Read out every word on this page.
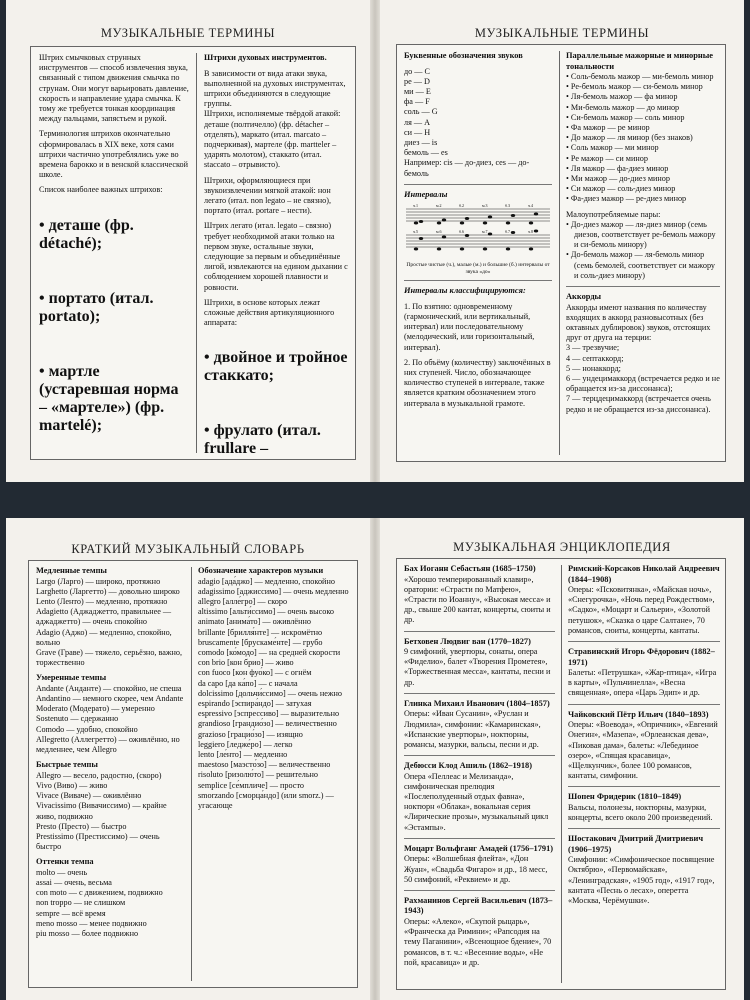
МУЗЫКАЛЬНЫЕ ТЕРМИНЫ

Штрих смычковых струнных инструментов — способ извлечения звука, связанный с типом движения смычка по струнам. Они могут варьировать давление, скорость и направление удара смычка. К тому же требуется тонкая координация между пальцами, запястьем и рукой.

Терминология штрихов окончательно сформировалась в XIX веке, хотя сами штрихи частично употреблялись уже во времена барокко и в венской классической школе.

Список наиболее важных штрихов:

• деташе (фр. détaché);

• портато (итал. portato);

• мартле (устаревшая норма – «мартеле») (фр. martelé);

Штрихи духовых инструментов.

В зависимости от вида атаки звука, выполненной на духовых инструментах, штрихи объединяются в следующие группы.

Штрихи, исполняемые твёрдой атакой: деташе (полтичелло) (фр. détacher – отделять), маркато (итал. marcato – подчеркивая), мартеле (фр. martteler – ударять молотом), стаккато (итал. staccato – отрывисто).

Штрихи, оформляющиеся при звукоизвлечении мягкой атакой: нон легато (итал. non legato – не связно), портато (итал. portare – нести).

Штрих легато (итал. legato – связно) требует необходимой атаки только на первом звуке, остальные звуки, следующие за первым и объединённые лигой, извлекаются на едином дыхании с соблюдением хорошей плавности и ровности.

Штрихи, в основе которых лежат сложные действия артикуляционного аппарата:

• двойное и тройное стаккато;

• фрулато (итал. frullare –

МУЗЫКАЛЬНЫЕ ТЕРМИНЫ

Буквенные обозначения звуков

до — C

ре — D

ми — E

фа — F

соль — G

ля — A

си — H

диез — is

бемоль — es

Например: cis — до-диез, ces — до-бемоль

Интервалы

ч.1	м.2	б.2	м.3	б.3	ч.4
ч.5	м.6	б.6	м.7	б.7	ч.8

Простые чистые (ч.), малые (м.) и большие (б.) интервалы от звука «до»

Интервалы классифицируются:

1. По взятию: одновременному (гармонический, или вертикальный, интервал) или последовательному (мелодический, или горизонтальный, интервал).

2. По объёму (количеству) заключённых в них ступеней. Число, обозначающее количество ступеней в интервале, также является кратким обозначением этого интервала в музыкальной грамоте.

Параллельные мажорные и минорные тональности

• Соль-бемоль мажор — ми-бемоль минор

• Ре-бемоль мажор — си-бемоль минор

• Ля-бемоль мажор — фа минор

• Ми-бемоль мажор — до минор

• Си-бемоль мажор — соль минор

• Фа мажор — ре минор

• До мажор — ля минор (без знаков)

• Соль мажор — ми минор

• Ре мажор — си минор

• Ля мажор — фа-диез минор

• Ми мажор — до-диез минор

• Си мажор — соль-диез минор

• Фа-диез мажор — ре-диез минор

Малоупотребляемые пары:

• До-диез мажор — ля-диез минор (семь диезов, соответствует ре-бемоль мажору и си-бемоль минору)

• До-бемоль мажор — ля-бемоль минор (семь бемолей, соответствует си мажору и соль-диез минору)

Аккорды

Аккорды имеют названия по количеству входящих в аккорд разновысотных (без октавных дублировок) звуков, отстоящих друг от друга на терции:

3 — трезвучие;

4 — септаккорд;

5 — нонаккорд;

6 — ундецимаккорд (встречается редко и не обращается из-за диссонанса);

7 — терцдецимаккорд (встречается очень редко и не обращается из-за диссонанса).

КРАТКИЙ МУЗЫКАЛЬНЫЙ СЛОВАРЬ

Медленные темпы

Largo (Ларго) — широко, протяжно

Larghetto (Ларгетто) — довольно широко

Lento (Ленто) — медленно, протяжно

Adagietto (Аджаджетто, правильнее — аджаджетто) — очень спокойно

Adagio (Аджо) — медленно, спокойно, вольно

Grave (Граве) — тяжело, серьёзно, важно, торжественно

Умеренные темпы

Andante (Анданте) — спокойно, не спеша

Andantino — немного скорее, чем Andante

Moderato (Модерато) — умеренно

Sostenuto — сдержанно

Comodo — удобно, спокойно

Allegretto (Аллегретто) — оживлённо, но медленнее, чем Allegro

Быстрые темпы

Allegro — весело, радостно, (скоро)

Vivo (Виво) — живо

Vivace (Виваче) — оживлённо

Vivacissimo (Вивачиссимо) — крайне живо, подвижно

Presto (Престо) — быстро

Prestissimo (Престиссимо) — очень быстро

Оттенки темпа

molto — очень

assai — очень, весьма

con moto — с движением, подвижно

non troppo — не слишком

sempre — всё время

meno mosso — менее подвижно

piu mosso — более подвижно

Обозначение характеров музыки

adagio [ада́джо] — медленно, спокойно

adagissimo [аджиссимо] — очень медленно

allegro [алле́гро] — скоро

altissimo [альти́ссимо] — очень высоко

animato [анима́то] — оживлённо

brillante [брилля́нте] — искромётно

bruscamente [брускаме́нте] — грубо

comodo [ко́модо] — на средней скорости

con brio [кон брио] — живо

con fuoco [кон фуо́ко] — с огнём

da capo [да ка́по] — с начала

dolcissimo [дольчи́ссимо] — очень нежно

espirando [эспира́ндо] — затухая

espressivo [эспрессиво] — выразительно

grandioso [грандио́зо] — величественно

grazioso [грацио́зо] — изящно

leggiero [ледже́рo] — легко

lento [ле́нто] — медленно

maestoso [маэсто́зо] — величественно

risoluto [ризолю́то] — решительно

semplice [се́мпличе] — просто

smorzando [сморца́ндо] (или smorz.) — угасающе

МУЗЫКАЛЬНАЯ ЭНЦИКЛОПЕДИЯ

Бах Иоганн Себастьян (1685–1750)

«Хорошо темперированный клавир», оратории: «Страсти по Матфею», «Страсти по Иоанну», «Высокая месса» и др., свыше 200 кантат, концерты, сюиты и др.

Бетховен Людвиг ван (1770–1827)

9 симфоний, увертюры, сонаты, опера «Фиделио», балет «Творения Прометея», «Торжественная месса», кантаты, песни и др.

Глинка Михаил Иванович (1804–1857)

Оперы: «Иван Сусанин», «Руслан и Людмила», симфонии: «Камаринская», «Испанские увертюры», ноктюрны, романсы, мазурки, вальсы, песни и др.

Дебюсси Клод Ашиль (1862–1918)

Опера «Пеллеас и Мелизанда», симфоническая прелюдия «Послеполуденный отдых фавна», ноктюрн «Облака», вокальная серия «Лирические прозы», музыкальный цикл «Эстампы».

Моцарт Вольфганг Амадей (1756–1791)

Оперы: «Волшебная флейта», «Дон Жуан», «Свадьба Фигаро» и др., 18 месс, 50 симфоний, «Реквием» и др.

Рахманинов Сергей Васильевич (1873–1943)

Оперы: «Алеко», «Скупой рыцарь», «Франческа да Римини»; «Рапсодия на тему Паганини», «Всенощное бдение», 70 романсов, в т. ч.: «Весенние воды», «Не пой, красавица» и др.

Римский-Корсаков Николай Андреевич (1844–1908)

Оперы: «Псковитянка», «Майская ночь», «Снегурочка», «Ночь перед Рождеством», «Садко», «Моцарт и Сальери», «Золотой петушок», «Сказка о царе Салтане», 70 романсов, сюиты, концерты, кантаты.

Стравинский Игорь Фёдорович (1882–1971)

Балеты: «Петрушка», «Жар-птица», «Игра в карты», «Пульчинелла», «Весна священная», опера «Царь Эдип» и др.

Чайковский Пётр Ильич (1840–1893)

Оперы: «Воевода», «Опричник», «Евгений Онегин», «Мазепа», «Орлеанская дева», «Пиковая дама», балеты: «Лебединое озеро», «Спящая красавица», «Щелкунчик», более 100 романсов, кантаты, симфонии.

Шопен Фридерик (1810–1849)

Вальсы, полонезы, ноктюрны, мазурки, концерты, всего около 200 произведений.

Шостакович Дмитрий Дмитриевич (1906–1975)

Симфонии: «Симфоническое посвящение Октябрю», «Первомайская», «Ленинградская», «1905 год», «1917 год», кантата «Песнь о лесах», оперетта «Москва, Черёмушки».
